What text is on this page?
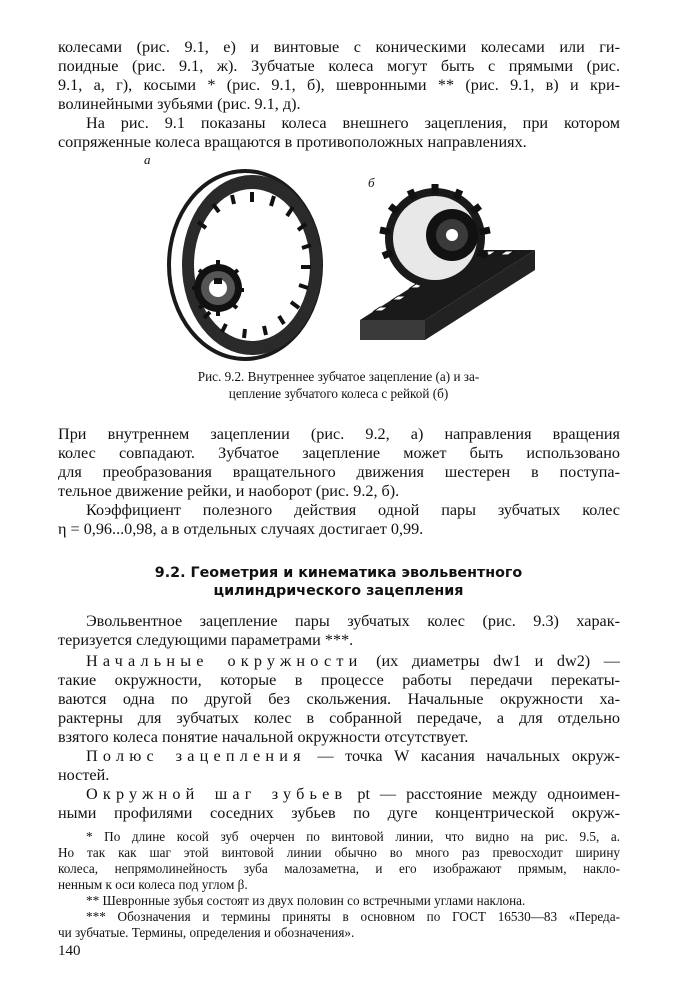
колесами (рис. 9.1, е) и винтовые с коническими колесами или ги-
поидные (рис. 9.1, ж). Зубчатые колеса могут быть с прямыми (рис.
9.1, а, г), косыми * (рис. 9.1, б), шевронными ** (рис. 9.1, в) и кри-
волинейными зубьями (рис. 9.1, д).
На рис. 9.1 показаны колеса внешнего зацепления, при котором
сопряженные колеса вращаются в противоположных направлениях.
а
б
Рис. 9.2. Внутреннее зубчатое зацепление (а) и за-
цепление зубчатого колеса с рейкой (б)
При внутреннем зацеплении (рис. 9.2, а) направления вращения
колес совпадают. Зубчатое зацепление может быть использовано
для преобразования вращательного движения шестерен в поступа-
тельное движение рейки, и наоборот (рис. 9.2, б).
Коэффициент полезного действия одной пары зубчатых колес
η = 0,96...0,98, а в отдельных случаях достигает 0,99.
9.2. Геометрия и кинематика эвольвентного
цилиндрического зацепления
Эвольвентное зацепление пары зубчатых колес (рис. 9.3) харак-
теризуется следующими параметрами ***.
Начальные окружности (их диаметры dw1 и dw2) —
такие окружности, которые в процессе работы передачи перекаты-
ваются одна по другой без скольжения. Начальные окружности ха-
рактерны для зубчатых колес в собранной передаче, а для отдельно
взятого колеса понятие начальной окружности отсутствует.
Полюс зацепления — точка W касания начальных окруж-
ностей.
Окружной шаг зубьев pt — расстояние между одноимен-
ными профилями соседних зубьев по дуге концентрической окруж-
* По длине косой зуб очерчен по винтовой линии, что видно на рис. 9.5, а.
Но так как шаг этой винтовой линии обычно во много раз превосходит ширину
колеса, непрямолинейность зуба малозаметна, и его изображают прямым, накло-
ненным к оси колеса под углом β.
** Шевронные зубья состоят из двух половин со встречными углами наклона.
*** Обозначения и термины приняты в основном по ГОСТ 16530—83 «Переда-
чи зубчатые. Термины, определения и обозначения».
140
